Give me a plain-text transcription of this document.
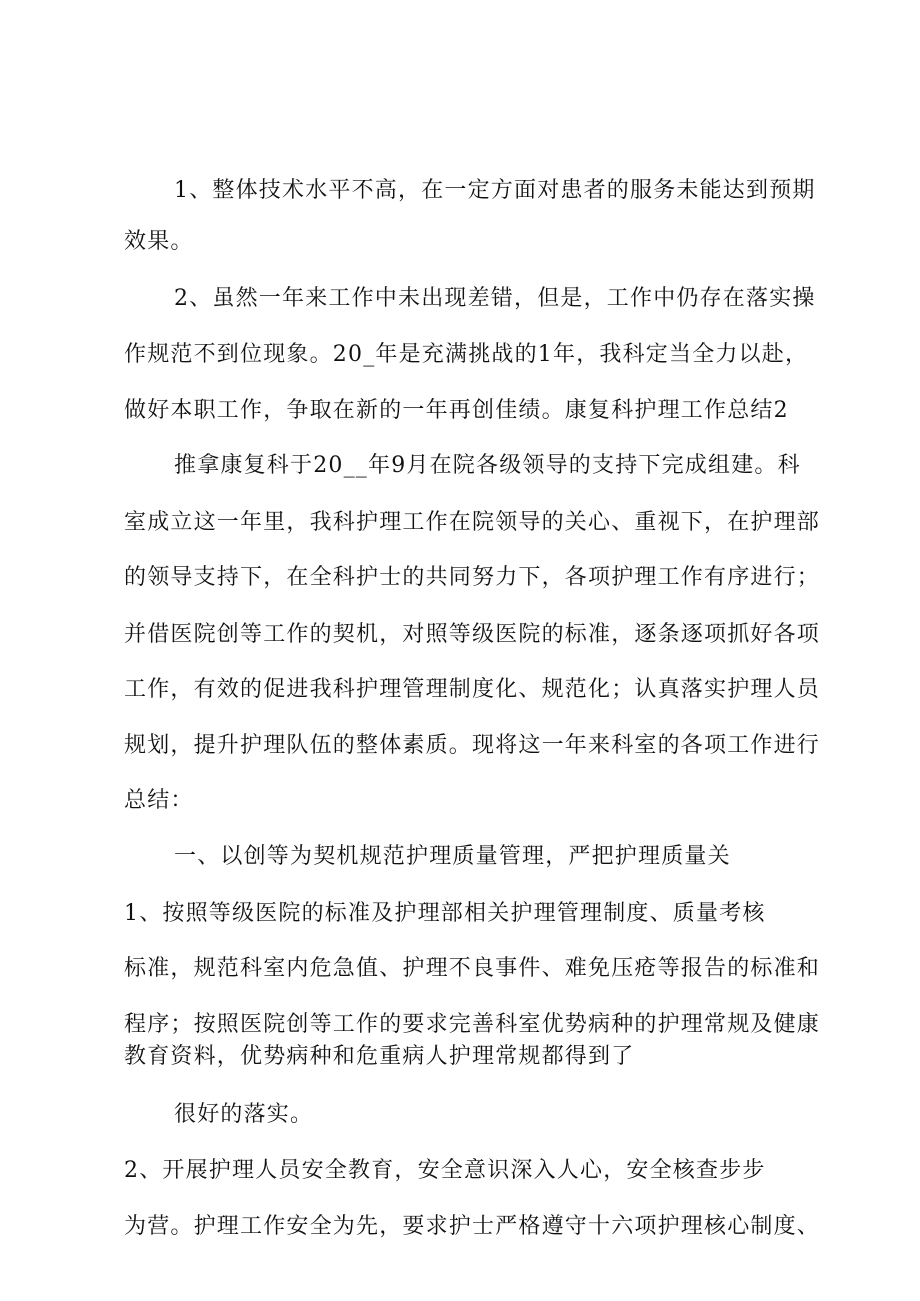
1、整体技术水平不高，在一定方面对患者的服务未能达到预期
效果。
2、虽然一年来工作中未出现差错，但是，工作中仍存在落实操
作规范不到位现象。20_年是充满挑战的1年，我科定当全力以赴，
做好本职工作，争取在新的一年再创佳绩。康复科护理工作总结2
推拿康复科于20__年9月在院各级领导的支持下完成组建。科
室成立这一年里，我科护理工作在院领导的关心、重视下，在护理部
的领导支持下，在全科护士的共同努力下，各项护理工作有序进行；
并借医院创等工作的契机，对照等级医院的标准，逐条逐项抓好各项
工作，有效的促进我科护理管理制度化、规范化；认真落实护理人员
规划，提升护理队伍的整体素质。现将这一年来科室的各项工作进行
总结：
一、以创等为契机规范护理质量管理，严把护理质量关
1、按照等级医院的标准及护理部相关护理管理制度、质量考核
标准，规范科室内危急值、护理不良事件、难免压疮等报告的标准和
程序；按照医院创等工作的要求完善科室优势病种的护理常规及健康
教育资料，优势病种和危重病人护理常规都得到了
很好的落实。
2、开展护理人员安全教育，安全意识深入人心，安全核查步步
为营。护理工作安全为先，要求护士严格遵守十六项护理核心制度、
